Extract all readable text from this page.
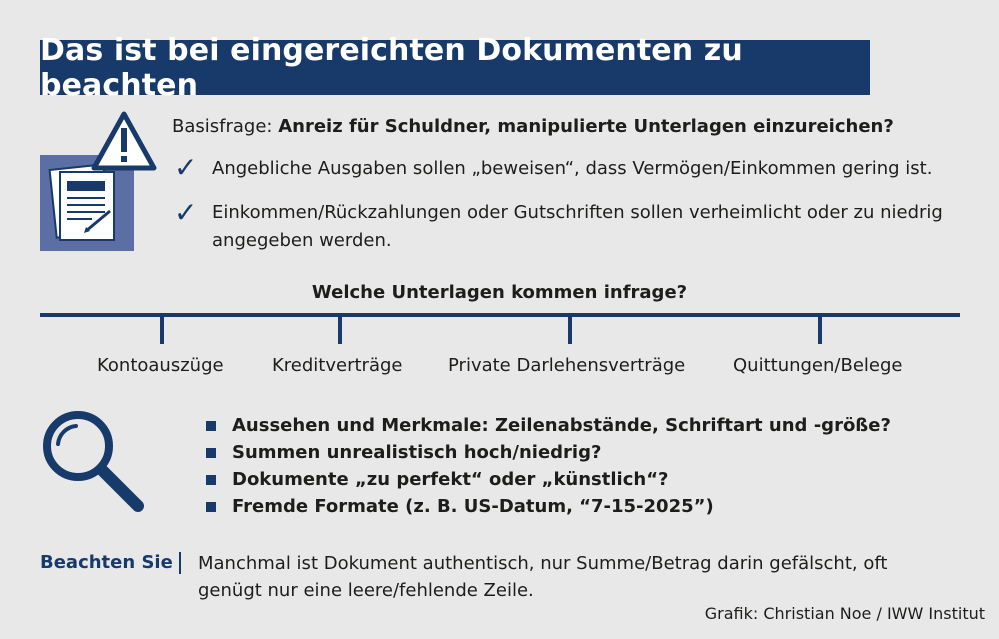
Das ist bei eingereichten Dokumenten zu beachten
Basisfrage: Anreiz für Schuldner, manipulierte Unterlagen einzureichen?
✓ Angebliche Ausgaben sollen „beweisen“, dass Vermögen/Einkommen gering ist.
✓ Einkommen/Rückzahlungen oder Gutschriften sollen verheimlicht oder zu niedrig angegeben werden.
Welche Unterlagen kommen infrage?
Kontoauszüge	Kreditverträge	Private Darlehensverträge	Quittungen/Belege
Aussehen und Merkmale: Zeilenabstände, Schriftart und -größe?
Summen unrealistisch hoch/niedrig?
Dokumente „zu perfekt“ oder „künstlich“?
Fremde Formate (z. B. US-Datum, “7-15-2025”)
Beachten Sie Manchmal ist Dokument authentisch, nur Summe/Betrag darin gefälscht, oft genügt nur eine leere/fehlende Zeile.
Grafik: Christian Noe / IWW Institut
